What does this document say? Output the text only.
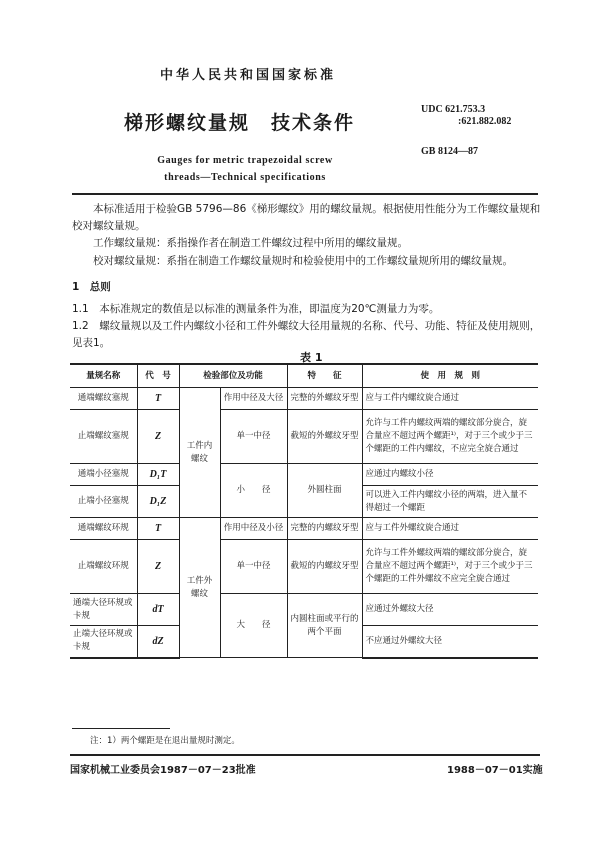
中华人民共和国国家标准
梯形螺纹量规　技术条件
Gauges for metric trapezoidal screw
threads—Technical specifications
UDC 621.753.3
:621.882.082
GB 8124—87
本标准适用于检验GB 5796—86《梯形螺纹》用的螺纹量规。根据使用性能分为工作螺纹量规和校对螺纹量规。
工作螺纹量规：系指操作者在制造工件螺纹过程中所用的螺纹量规。
校对螺纹量规：系指在制造工作螺纹量规时和检验使用中的工作螺纹量规所用的螺纹量规。
1　总则
1.1　本标准规定的数值是以标准的测量条件为准，即温度为20℃测量力为零。
1.2　螺纹量规以及工件内螺纹小径和工件外螺纹大径用量规的名称、代号、功能、特征及使用规则，见表1。
表 1
量规名称	代　号	检验部位及功能		特　　征	使　用　规　则
通端螺纹塞规	T	工件内螺纹	作用中径及大径	完整的外螺纹牙型	应与工件内螺纹旋合通过
止端螺纹塞规	Z		单一中径	截短的外螺纹牙型	允许与工件内螺纹两端的螺纹部分旋合，旋合量应不超过两个螺距¹⁾，对于三个或少于三个螺距的工件内螺纹，不应完全旋合通过
通端小径塞规	D₁T		小　　径	外圆柱面	应通过内螺纹小径
止端小径塞规	D₁Z				可以进入工件内螺纹小径的两端，进入量不得超过一个螺距
通端螺纹环规	T	工件外螺纹	作用中径及小径	完整的内螺纹牙型	应与工件外螺纹旋合通过
止端螺纹环规	Z		单一中径	截短的内螺纹牙型	允许与工件外螺纹两端的螺纹部分旋合，旋合量应不超过两个螺距¹⁾，对于三个或少于三个螺距的工件外螺纹不应完全旋合通过
通端大径环规或卡规	dT		大　　径	内圆柱面或平行的两个平面	应通过外螺纹大径
止端大径环规或卡规	dZ				不应通过外螺纹大径
注：1）两个螺距是在退出量规时测定。
国家机械工业委员会1987－07－23批准	1988－07－01实施
